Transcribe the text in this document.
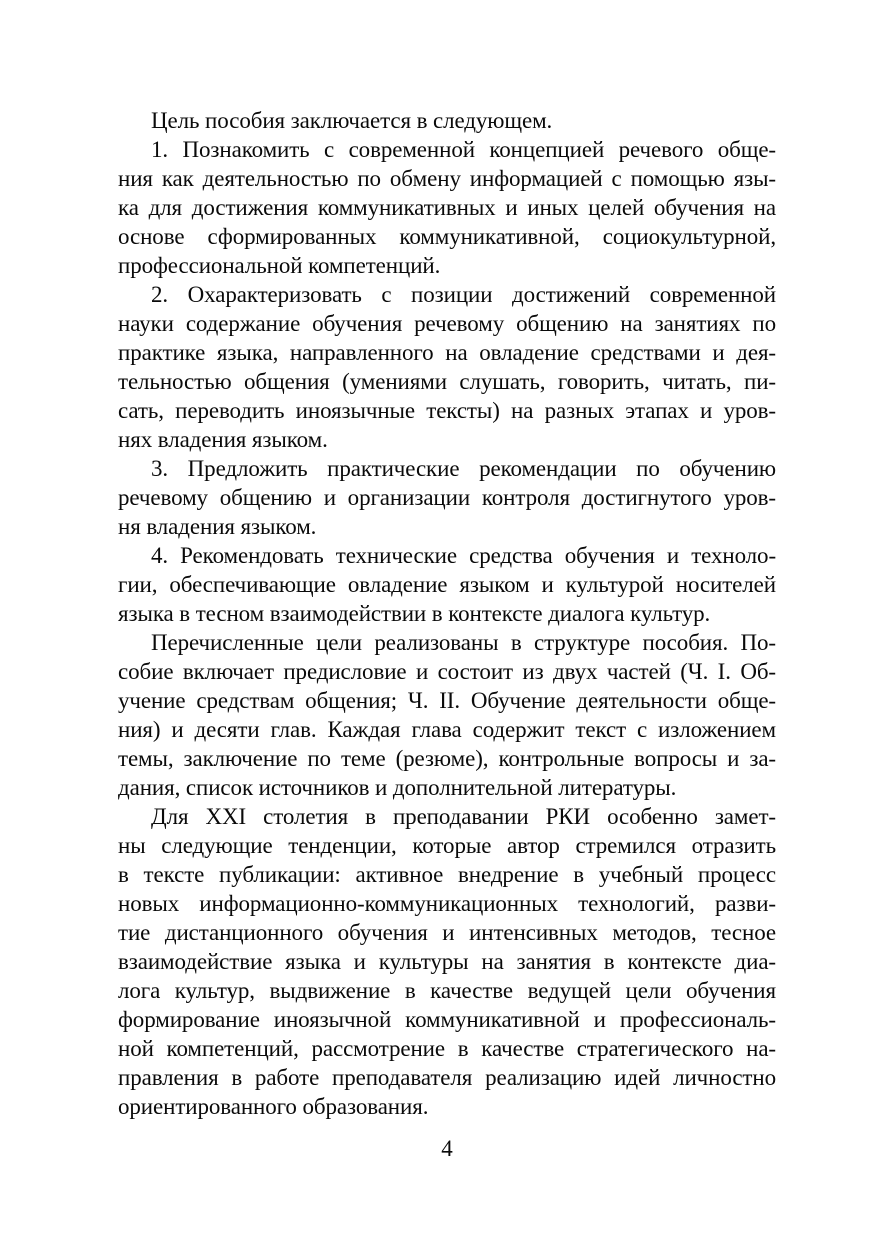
Цель пособия заключается в следующем.
1. Познакомить с современной концепцией речевого обще-
ния как деятельностью по обмену информацией с помощью язы-
ка для достижения коммуникативных и иных целей обучения на
основе сформированных коммуникативной, социокультурной,
профессиональной компетенций.
2. Охарактеризовать с позиции достижений современной
науки содержание обучения речевому общению на занятиях по
практике языка, направленного на овладение средствами и дея-
тельностью общения (умениями слушать, говорить, читать, пи-
сать, переводить иноязычные тексты) на разных этапах и уров-
нях владения языком.
3. Предложить практические рекомендации по обучению
речевому общению и организации контроля достигнутого уров-
ня владения языком.
4. Рекомендовать технические средства обучения и техноло-
гии, обеспечивающие овладение языком и культурой носителей
языка в тесном взаимодействии в контексте диалога культур.
Перечисленные цели реализованы в структуре пособия. По-
собие включает предисловие и состоит из двух частей (Ч. I. Об-
учение средствам общения; Ч. II. Обучение деятельности обще-
ния) и десяти глав. Каждая глава содержит текст с изложением
темы, заключение по теме (резюме), контрольные вопросы и за-
дания, список источников и дополнительной литературы.
Для XXI столетия в преподавании РКИ особенно замет-
ны следующие тенденции, которые автор стремился отразить
в тексте публикации: активное внедрение в учебный процесс
новых информационно-коммуникационных технологий, разви-
тие дистанционного обучения и интенсивных методов, тесное
взаимодействие языка и культуры на занятия в контексте диа-
лога культур, выдвижение в качестве ведущей цели обучения
формирование иноязычной коммуникативной и профессиональ-
ной компетенций, рассмотрение в качестве стратегического на-
правления в работе преподавателя реализацию идей личностно
ориентированного образования.
4
